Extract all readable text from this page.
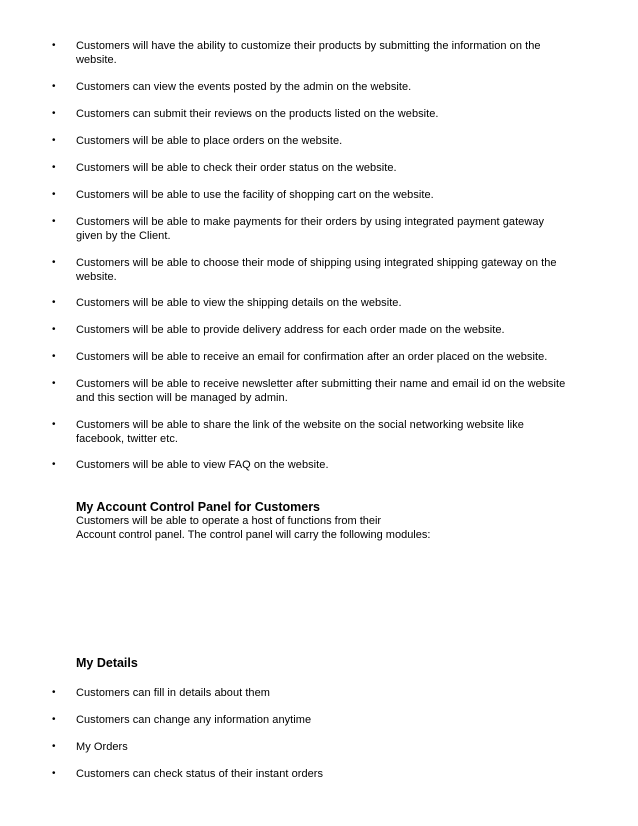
• Customers will have the ability to customize their products by submitting the information on the website.
• Customers can view the events posted by the admin on the website.
• Customers can submit their reviews on the products listed on the website.
• Customers will be able to place orders on the website.
• Customers will be able to check their order status on the website.
• Customers will be able to use the facility of shopping cart on the website.
• Customers will be able to make payments for their orders by using integrated payment gateway given by the Client.
• Customers will be able to choose their mode of shipping using integrated shipping gateway on the website.
• Customers will be able to view the shipping details on the website.
• Customers will be able to provide delivery address for each order made on the website.
• Customers will be able to receive an email for confirmation after an order placed on the website.
• Customers will be able to receive newsletter after submitting their name and email id on the website and this section will be managed by admin.
• Customers will be able to share the link of the website on the social networking website like facebook, twitter etc.
• Customers will be able to view FAQ on the website.
My Account Control Panel for Customers
Customers will be able to operate a host of functions from their
Account control panel. The control panel will carry the following modules:
My Details
• Customers can fill in details about them
• Customers can change any information anytime
• My Orders
• Customers can check status of their instant orders
